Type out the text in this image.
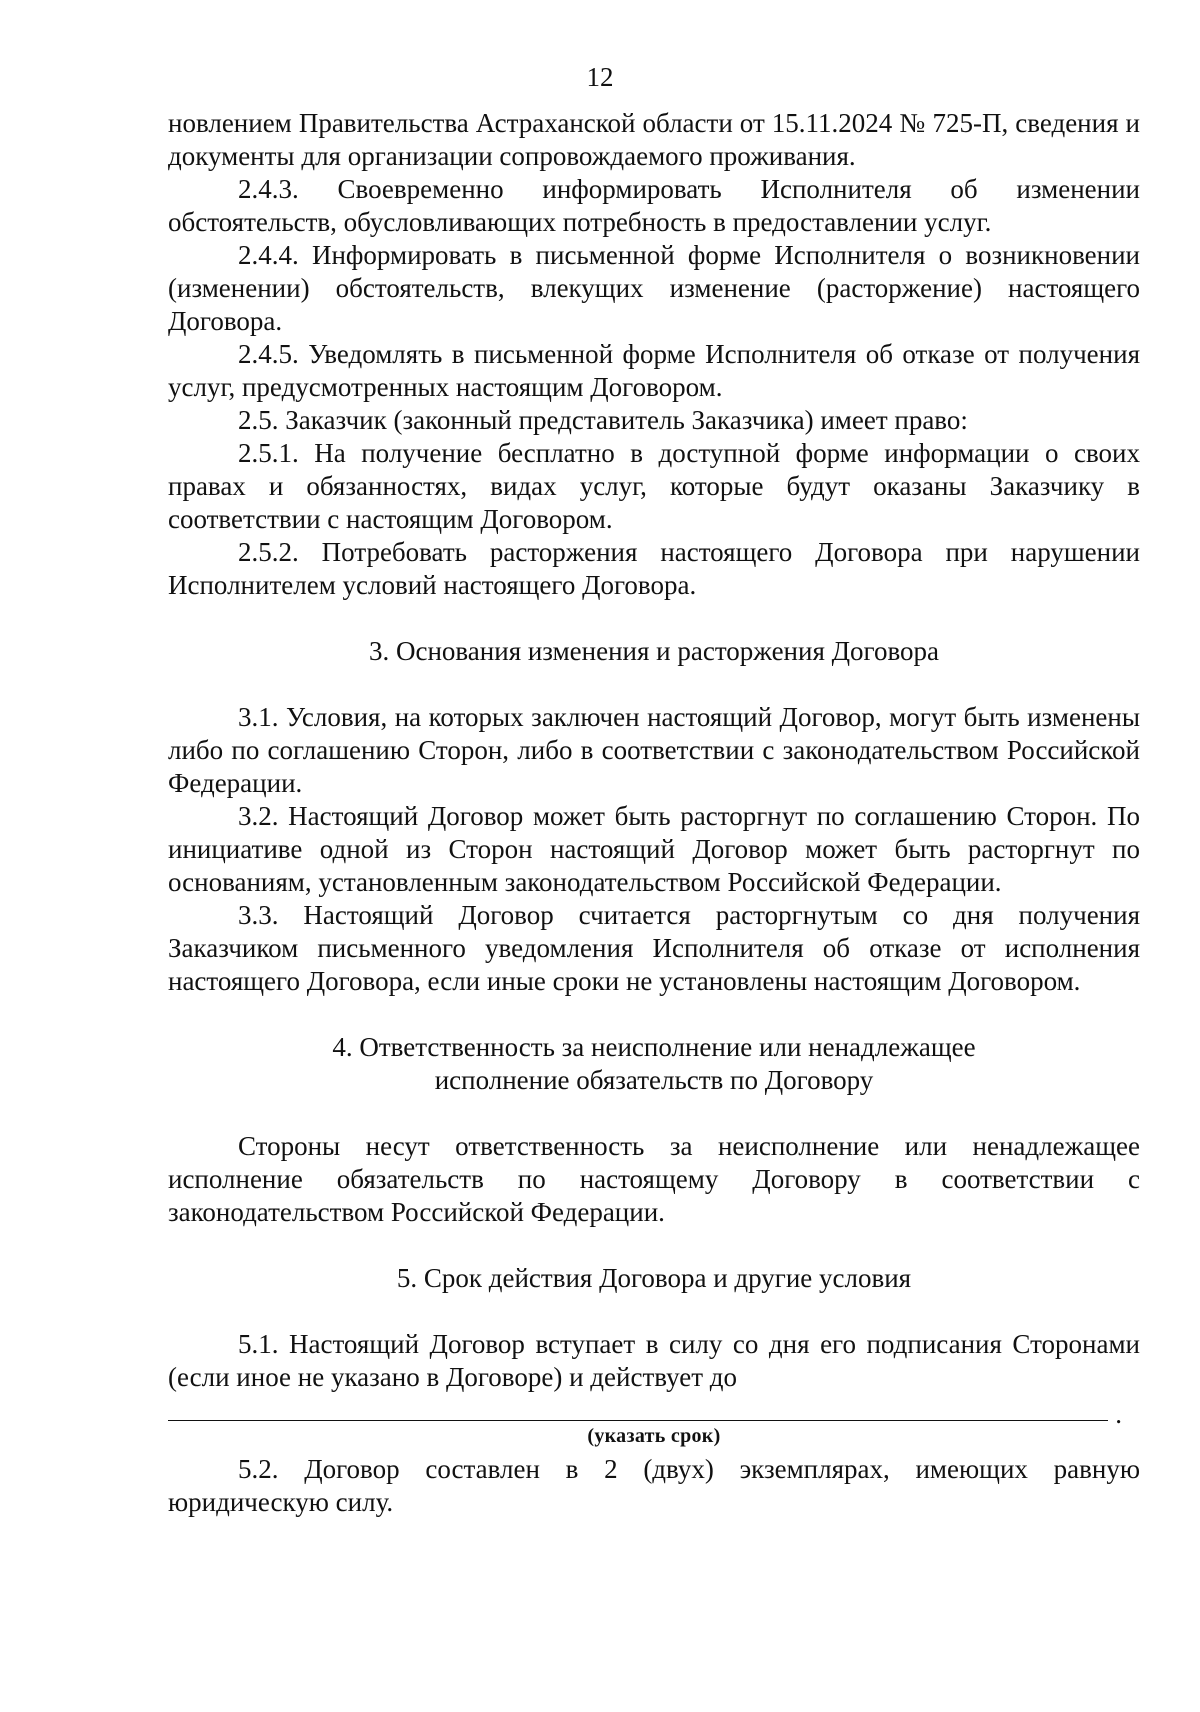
12

новлением Правительства Астраханской области от 15.11.2024 № 725-П, сведения и документы для организации сопровождаемого проживания.

2.4.3. Своевременно информировать Исполнителя об изменении обстоятельств, обусловливающих потребность в предоставлении услуг.

2.4.4. Информировать в письменной форме Исполнителя о возникновении (изменении) обстоятельств, влекущих изменение (расторжение) настоящего Договора.

2.4.5. Уведомлять в письменной форме Исполнителя об отказе от получения услуг, предусмотренных настоящим Договором.

2.5. Заказчик (законный представитель Заказчика) имеет право:

2.5.1. На получение бесплатно в доступной форме информации о своих правах и обязанностях, видах услуг, которые будут оказаны Заказчику в соответствии с настоящим Договором.

2.5.2. Потребовать расторжения настоящего Договора при нарушении Исполнителем условий настоящего Договора.

3. Основания изменения и расторжения Договора

3.1. Условия, на которых заключен настоящий Договор, могут быть изменены либо по соглашению Сторон, либо в соответствии с законодательством Российской Федерации.

3.2. Настоящий Договор может быть расторгнут по соглашению Сторон. По инициативе одной из Сторон настоящий Договор может быть расторгнут по основаниям, установленным законодательством Российской Федерации.

3.3. Настоящий Договор считается расторгнутым со дня получения Заказчиком письменного уведомления Исполнителя об отказе от исполнения настоящего Договора, если иные сроки не установлены настоящим Договором.

4. Ответственность за неисполнение или ненадлежащее

исполнение обязательств по Договору

Стороны несут ответственность за неисполнение или ненадлежащее исполнение обязательств по настоящему Договору в соответствии с законодательством Российской Федерации.

5. Срок действия Договора и другие условия

5.1. Настоящий Договор вступает в силу со дня его подписания Сторонами (если иное не указано в Договоре) и действует до

.

(указать срок)

5.2. Договор составлен в 2 (двух) экземплярах, имеющих равную юридическую силу.
